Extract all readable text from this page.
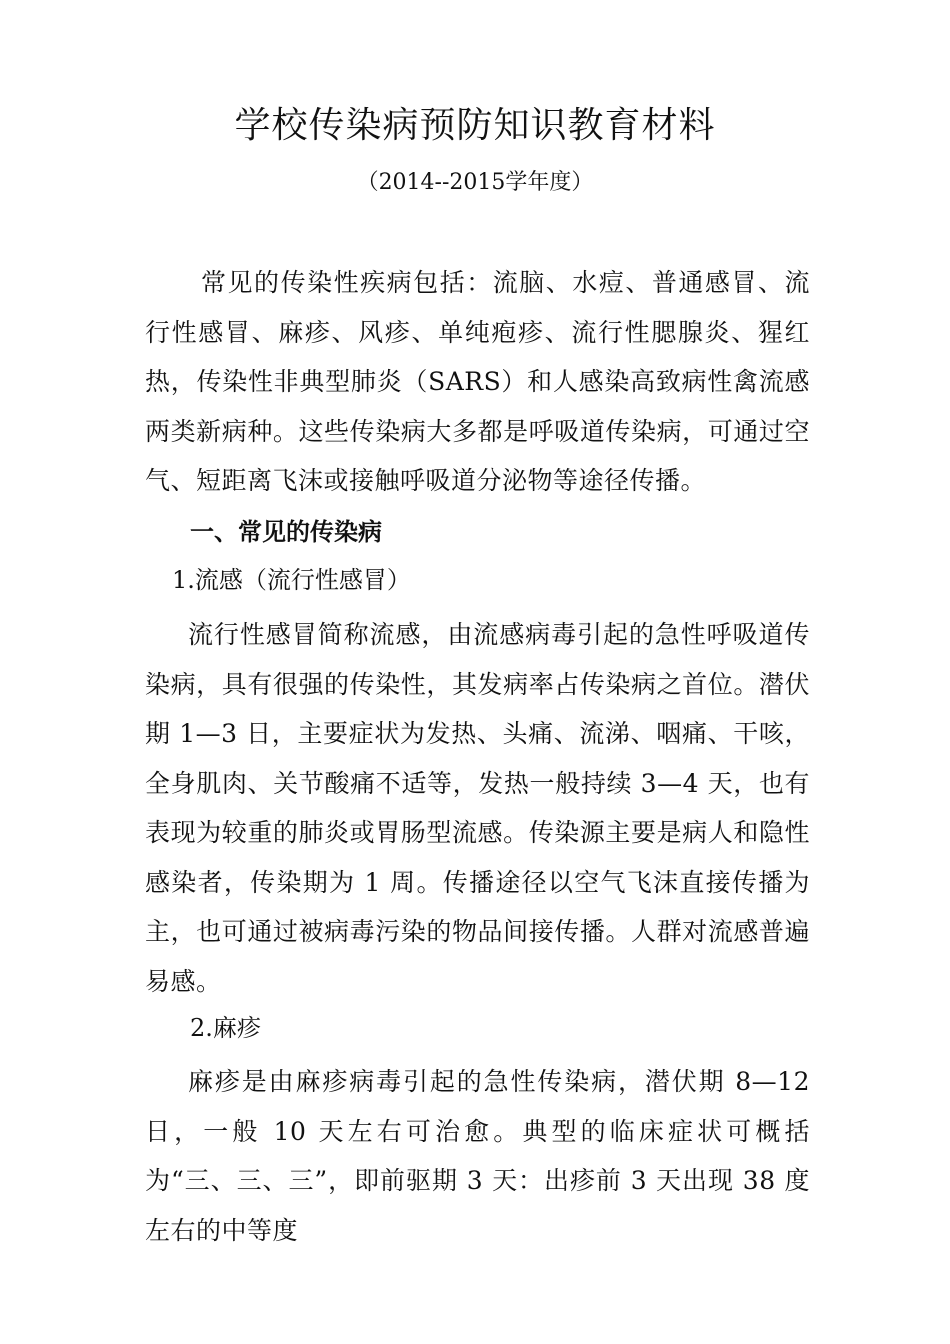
学校传染病预防知识教育材料
（2014--2015学年度）

常见的传染性疾病包括：流脑、水痘、普通感冒、流行性感冒、麻疹、风疹、单纯疱疹、流行性腮腺炎、猩红热，传染性非典型肺炎（SARS）和人感染高致病性禽流感两类新病种。这些传染病大多都是呼吸道传染病，可通过空气、短距离飞沫或接触呼吸道分泌物等途径传播。

一、常见的传染病
1.流感（流行性感冒）

流行性感冒简称流感，由流感病毒引起的急性呼吸道传染病，具有很强的传染性，其发病率占传染病之首位。潜伏期 1—3 日，主要症状为发热、头痛、流涕、咽痛、干咳，全身肌肉、关节酸痛不适等，发热一般持续 3—4 天，也有表现为较重的肺炎或胃肠型流感。传染源主要是病人和隐性感染者，传染期为 1 周。传播途径以空气飞沫直接传播为主，也可通过被病毒污染的物品间接传播。人群对流感普遍易感。

2.麻疹

麻疹是由麻疹病毒引起的急性传染病，潜伏期 8—12 日，一般 10 天左右可治愈。典型的临床症状可概括为“三、三、三”，即前驱期 3 天：出疹前 3 天出现 38 度左右的中等度
